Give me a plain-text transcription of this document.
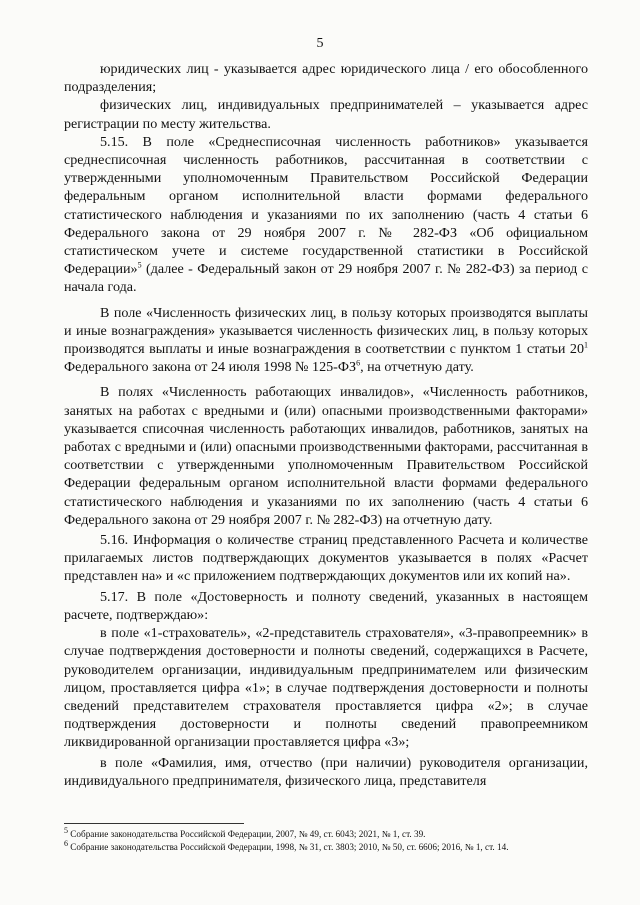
5

юридических лиц - указывается адрес юридического лица / его обособленного подразделения;

физических лиц, индивидуальных предпринимателей – указывается адрес регистрации по месту жительства.

5.15. В поле «Среднесписочная численность работников» указывается среднесписочная численность работников, рассчитанная в соответствии с утвержденными уполномоченным Правительством Российской Федерации федеральным органом исполнительной власти формами федерального статистического наблюдения и указаниями по их заполнению (часть 4 статьи 6 Федерального закона от 29 ноября 2007 г. № 282-ФЗ «Об официальном статистическом учете и системе государственной статистики в Российской Федерации»$^5$ (далее - Федеральный закон от 29 ноября 2007 г. № 282-ФЗ) за период с начала года.

В поле «Численность физических лиц, в пользу которых производятся выплаты и иные вознаграждения» указывается численность физических лиц, в пользу которых производятся выплаты и иные вознаграждения в соответствии с пунктом 1 статьи $20^1$ Федерального закона от 24 июля 1998 № $125-ФЗ^6$, на отчетную дату.

В полях «Численность работающих инвалидов», «Численность работников, занятых на работах с вредными и (или) опасными производственными факторами» указывается списочная численность работающих инвалидов, работников, занятых на работах с вредными и (или) опасными производственными факторами, рассчитанная в соответствии с утвержденными уполномоченным Правительством Российской Федерации федеральным органом исполнительной власти формами федерального статистического наблюдения и указаниями по их заполнению (часть 4 статьи 6 Федерального закона от 29 ноября 2007 г. № 282-ФЗ) на отчетную дату.

5.16. Информация о количестве страниц представленного Расчета и количестве прилагаемых листов подтверждающих документов указывается в полях «Расчет представлен на» и «с приложением подтверждающих документов или их копий на».

5.17. В поле «Достоверность и полноту сведений, указанных в настоящем расчете, подтверждаю»:

в поле «1-страхователь», «2-представитель страхователя», «3-правопреемник» в случае подтверждения достоверности и полноты сведений, содержащихся в Расчете, руководителем организации, индивидуальным предпринимателем или физическим лицом, проставляется цифра «1»; в случае подтверждения достоверности и полноты сведений представителем страхователя проставляется цифра «2»; в случае подтверждения достоверности и полноты сведений правопреемником ликвидированной организации проставляется цифра «3»;

в поле «Фамилия, имя, отчество (при наличии) руководителя организации, индивидуального предпринимателя, физического лица, представителя

$^5$ Собрание законодательства Российской Федерации, 2007, № 49, ст. 6043; 2021, № 1, ст. 39.

$^6$ Собрание законодательства Российской Федерации, 1998, № 31, ст. 3803; 2010, № 50, ст. 6606; 2016, № 1, ст. 14.
